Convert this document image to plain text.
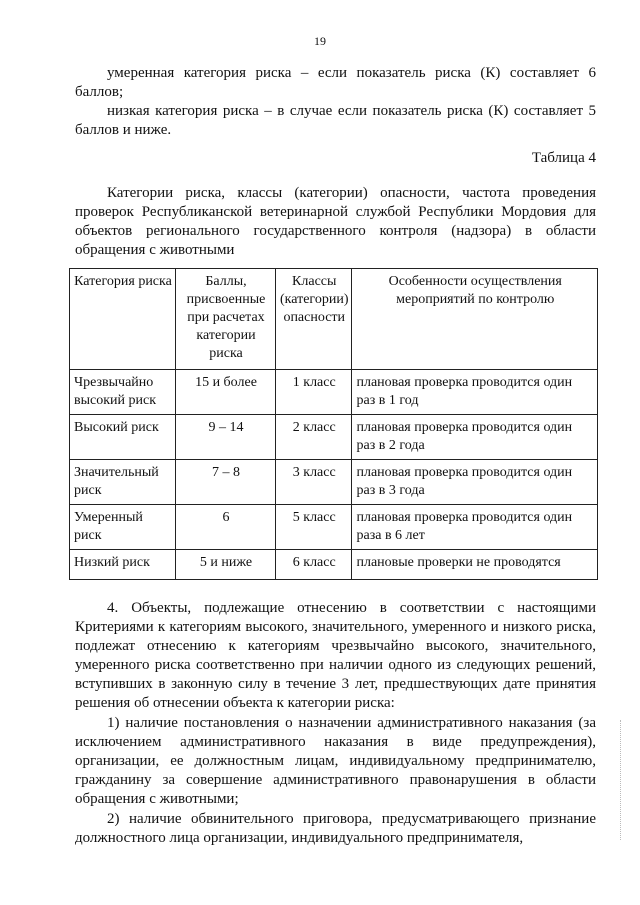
19

умеренная категория риска – если показатель риска (К) составляет 6 баллов;

низкая категория риска – в случае если показатель риска (К) составляет 5 баллов и ниже.

Таблица 4

Категории риска, классы (категории) опасности, частота проведения проверок Республиканской ветеринарной службой Республики Мордовия для объектов регионального государственного контроля (надзора) в области обращения с животными

Категория риска	Баллы, присвоенные при расчетах категории риска	Классы (категории) опасности	Особенности осуществления мероприятий по контролю
Чрезвычайно высокий риск	15 и более	1 класс	плановая проверка проводится один раз в 1 год
Высокий риск	9 – 14	2 класс	плановая проверка проводится один раз в 2 года
Значительный риск	7 – 8	3 класс	плановая проверка проводится один раз в 3 года
Умеренный риск	6	5 класс	плановая проверка проводится один раза в 6 лет
Низкий риск	5 и ниже	6 класс	плановые проверки не проводятся

4. Объекты, подлежащие отнесению в соответствии с настоящими Критериями к категориям высокого, значительного, умеренного и низкого риска, подлежат отнесению к категориям чрезвычайно высокого, значительного, умеренного риска соответственно при наличии одного из следующих решений, вступивших в законную силу в течение 3 лет, предшествующих дате принятия решения об отнесении объекта к категории риска:

1) наличие постановления о назначении административного наказания (за исключением административного наказания в виде предупреждения), организации, ее должностным лицам, индивидуальному предпринимателю, гражданину за совершение административного правонарушения в области обращения с животными;

2) наличие обвинительного приговора, предусматривающего признание должностного лица организации, индивидуального предпринимателя,
